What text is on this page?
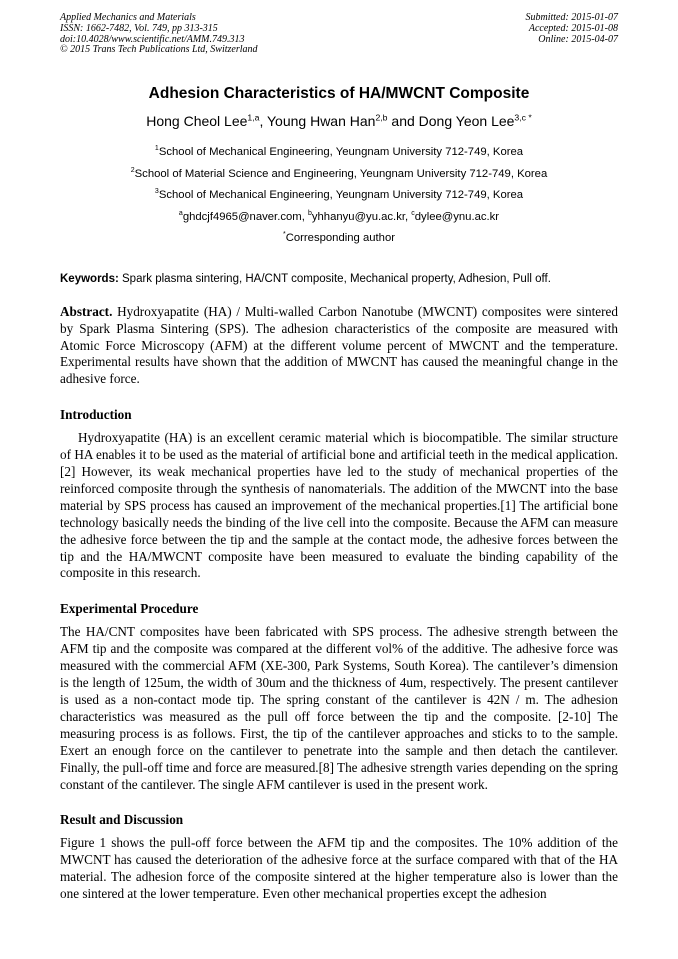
Applied Mechanics and Materials
ISSN: 1662-7482, Vol. 749, pp 313-315
doi:10.4028/www.scientific.net/AMM.749.313
© 2015 Trans Tech Publications Ltd, Switzerland
Submitted: 2015-01-07
Accepted: 2015-01-08
Online: 2015-04-07
Adhesion Characteristics of HA/MWCNT Composite
Hong Cheol Lee$^{1,a}$, Young Hwan Han$^{2,b}$ and Dong Yeon Lee$^{3,c *}$
$^1$School of Mechanical Engineering, Yeungnam University 712-749, Korea
$^2$School of Material Science and Engineering, Yeungnam University 712-749, Korea
$^3$School of Mechanical Engineering, Yeungnam University 712-749, Korea
$^a$ghdcjf4965@naver.com, $^b$yhhanyu@yu.ac.kr, $^c$dylee@ynu.ac.kr
*Corresponding author
Keywords: Spark plasma sintering, HA/CNT composite, Mechanical property, Adhesion, Pull off.

Abstract. Hydroxyapatite (HA) / Multi-walled Carbon Nanotube (MWCNT) composites were sintered by Spark Plasma Sintering (SPS). The adhesion characteristics of the composite are measured with Atomic Force Microscopy (AFM) at the different volume percent of MWCNT and the temperature. Experimental results have shown that the addition of MWCNT has caused the meaningful change in the adhesive force.

Introduction

Hydroxyapatite (HA) is an excellent ceramic material which is biocompatible. The similar structure of HA enables it to be used as the material of artificial bone and artificial teeth in the medical application.[2] However, its weak mechanical properties have led to the study of mechanical properties of the reinforced composite through the synthesis of nanomaterials. The addition of the MWCNT into the base material by SPS process has caused an improvement of the mechanical properties.[1] The artificial bone technology basically needs the binding of the live cell into the composite. Because the AFM can measure the adhesive force between the tip and the sample at the contact mode, the adhesive forces between the tip and the HA/MWCNT composite have been measured to evaluate the binding capability of the composite in this research.

Experimental Procedure

The HA/CNT composites have been fabricated with SPS process. The adhesive strength between the AFM tip and the composite was compared at the different vol% of the additive. The adhesive force was measured with the commercial AFM (XE-300, Park Systems, South Korea). The cantilever’s dimension is the length of 125um, the width of 30um and the thickness of 4um, respectively. The present cantilever is used as a non-contact mode tip. The spring constant of the cantilever is 42N / m. The adhesion characteristics was measured as the pull off force between the tip and the composite. [2-10] The measuring process is as follows. First, the tip of the cantilever approaches and sticks to to the sample. Exert an enough force on the cantilever to penetrate into the sample and then detach the cantilever. Finally, the pull-off time and force are measured.[8] The adhesive strength varies depending on the spring constant of the cantilever. The single AFM cantilever is used in the present work.

Result and Discussion

Figure 1 shows the pull-off force between the AFM tip and the composites. The 10% addition of the MWCNT has caused the deterioration of the adhesive force at the surface compared with that of the HA material. The adhesion force of the composite sintered at the higher temperature also is lower than the one sintered at the lower temperature. Even other mechanical properties except the adhesion
